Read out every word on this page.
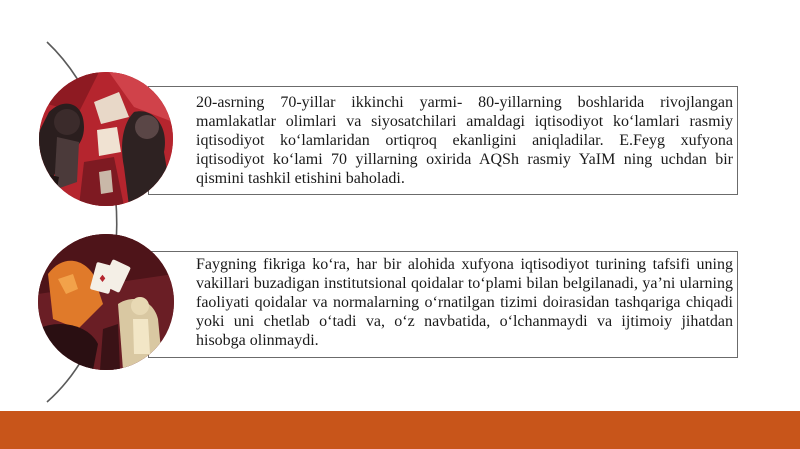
20-asrning 70-yillar ikkinchi yarmi- 80-yillarning boshlarida rivojlangan mamlakatlar olimlari va siyosatchilari amaldagi iqtisodiyot ko‘lamlari rasmiy iqtisodiyot ko‘lamlaridan ortiqroq ekanligini aniqladilar. E.Feyg xufyona iqtisodiyot ko‘lami 70 yillarning oxirida AQSh rasmiy YaIM ning uchdan bir qismini tashkil etishini baholadi.

Faygning fikriga ko‘ra, har bir alohida xufyona iqtisodiyot turining tafsifi uning vakillari buzadigan institutsional qoidalar to‘plami bilan belgilanadi, ya’ni ularning faoliyati qoidalar va normalarning o‘rnatilgan tizimi doirasidan tashqariga chiqadi yoki uni chetlab o‘tadi va, o‘z navbatida, o‘lchanmaydi va ijtimoiy jihatdan hisobga olinmaydi.

♦
